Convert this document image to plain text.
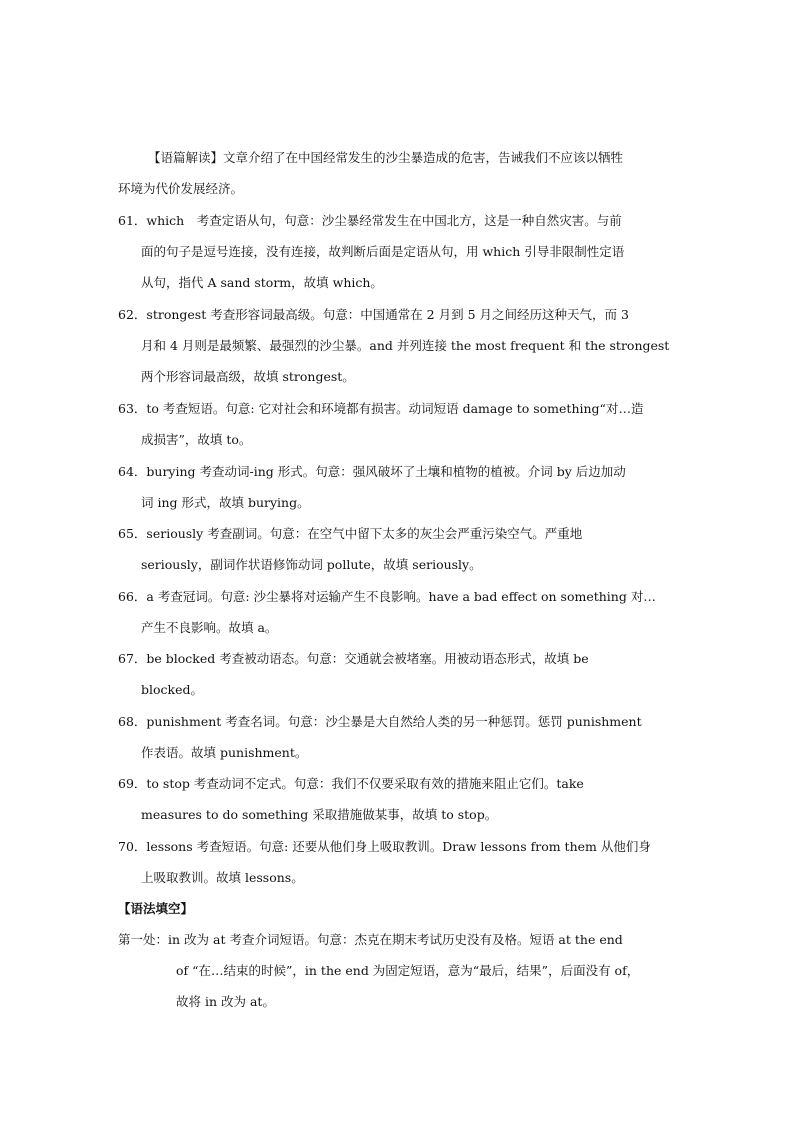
【语篇解读】文章介绍了在中国经常发生的沙尘暴造成的危害，告诫我们不应该以牺牲
环境为代价发展经济。
61．which　考查定语从句，句意：沙尘暴经常发生在中国北方，这是一种自然灾害。与前
面的句子是逗号连接，没有连接，故判断后面是定语从句，用 which 引导非限制性定语
从句，指代 A sand storm，故填 which。
62．strongest 考查形容词最高级。句意：中国通常在 2 月到 5 月之间经历这种天气，而 3
月和 4 月则是最频繁、最强烈的沙尘暴。and 并列连接 the most frequent 和 the strongest
两个形容词最高级，故填 strongest。
63．to 考查短语。句意: 它对社会和环境都有损害。动词短语 damage to something“对…造
成损害”，故填 to。
64．burying 考查动词-ing 形式。句意：强风破坏了土壤和植物的植被。介词 by 后边加动
词 ing 形式，故填 burying。
65．seriously 考查副词。句意：在空气中留下太多的灰尘会严重污染空气。严重地
seriously，副词作状语修饰动词 pollute，故填 seriously。
66．a 考查冠词。句意: 沙尘暴将对运输产生不良影响。have a bad effect on something 对…
产生不良影响。故填 a。
67．be blocked 考查被动语态。句意：交通就会被堵塞。用被动语态形式，故填 be
blocked。
68．punishment 考查名词。句意：沙尘暴是大自然给人类的另一种惩罚。惩罚 punishment
作表语。故填 punishment。
69．to stop 考查动词不定式。句意：我们不仅要采取有效的措施来阻止它们。take
measures to do something 采取措施做某事，故填 to stop。
70．lessons 考查短语。句意: 还要从他们身上吸取教训。Draw lessons from them 从他们身
上吸取教训。故填 lessons。
【语法填空】
第一处：in 改为 at 考查介词短语。句意：杰克在期末考试历史没有及格。短语 at the end
of “在…结束的时候”，in the end 为固定短语，意为“最后，结果”，后面没有 of，
故将 in 改为 at。
